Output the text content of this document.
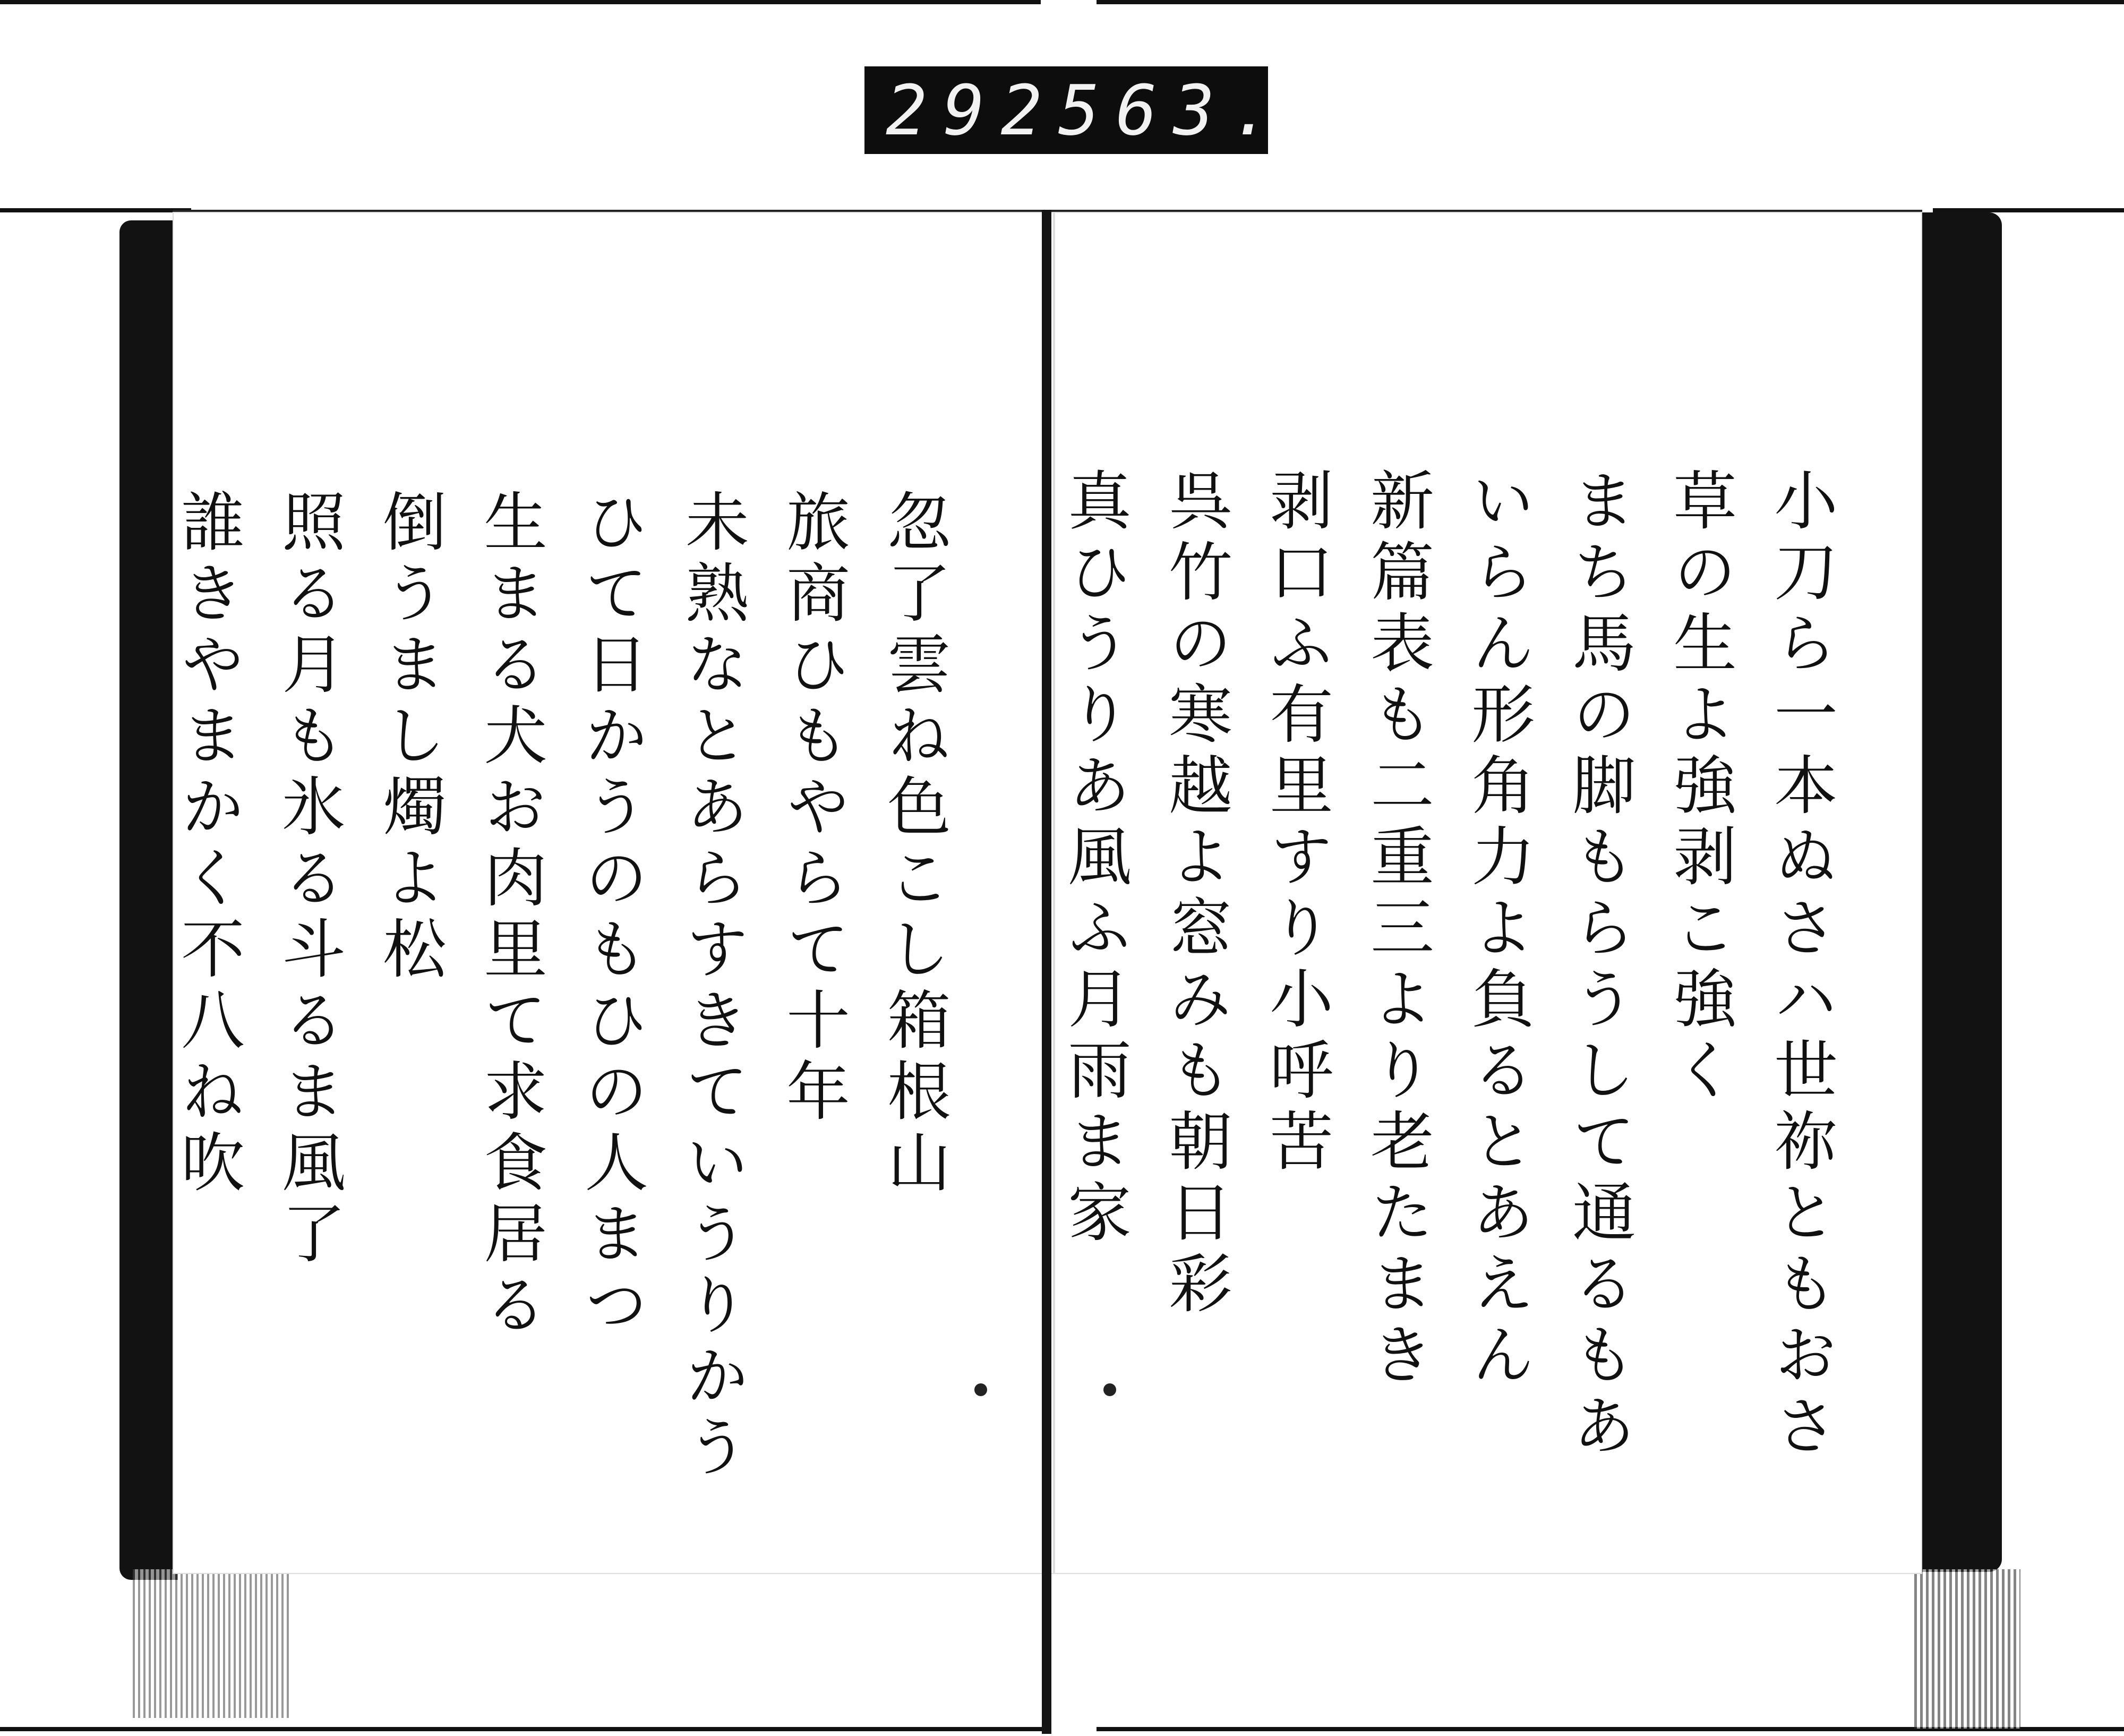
292 563.
小刀ら一本ぬさハ世祢ともおさ
草の生よ強剥こ強く
まち馬の脚もらうして通るもあ
いらん形角力よ負るとあえん
新篇表も二重三より老たまき
剥口ふ有里すり小呼苦
呉竹の寒越よ窓みも朝日彩
真ひうりあ風ふ月雨ま家
忽了雲ね色こし箱根山
旅商ひもやらて十年
未熟なとあらすきていうりかう
ひて日かうのもひの人まつ
生まる犬お肉里て求食居る
倒うまし燭よ松
照る月も氷る斗るま風了
誰きやまかく不八ね吹
